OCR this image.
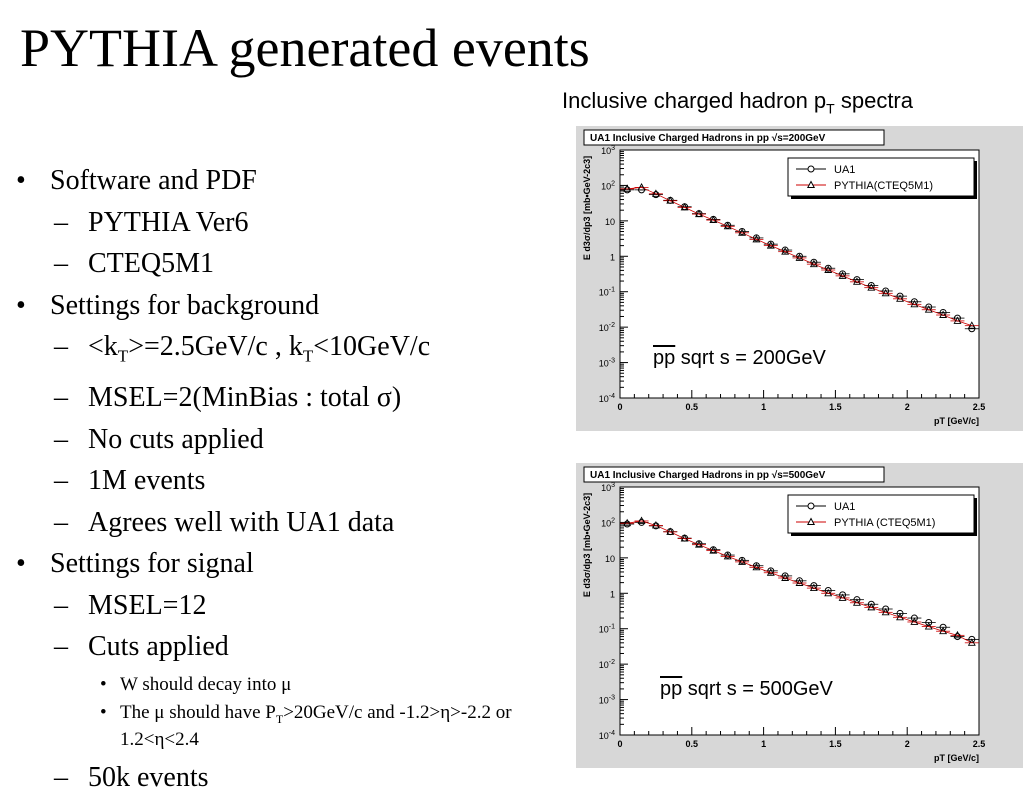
PYTHIA generated events
Inclusive charged hadron $p_T$ spectra
• Software and PDF
– PYTHIA Ver6
– CTEQ5M1
• Settings for background
– $<k_T>=2.5GeV/c$ , $k_T<10GeV/c$
– MSEL=2(MinBias : total σ)
– No cuts applied
– 1M events
– Agrees well with UA1 data
• Settings for signal
– MSEL=12
– Cuts applied
• W should decay into μ
• The μ should have $P_T>20GeV/c$ and -1.2>η>-2.2 or 1.2<η<2.4
– 50k events
UA1 Inclusive Charged Hadrons in pp √s=200GeV
$10^{-4}$
$10^{-3}$
$10^{-2}$
$10^{-1}$
1
10
$10^2$
$10^3$
0	0.5	1	1.5	2	2.5
pT [GeV/c]
E d3σ/dp3 [mb•GeV-2c3]	UA1
PYTHIA(CTEQ5M1)
$\overline{pp}$ sqrt s = 200GeV
UA1 Inclusive Charged Hadrons in pp √s=500GeV
$10^{-4}$
$10^{-3}$
$10^{-2}$
$10^{-1}$
1
10
$10^2$
$10^3$
0	0.5	1	1.5	2	2.5
pT [GeV/c]
E d3σ/dp3 [mb•GeV-2c3]	UA1
PYTHIA (CTEQ5M1)
$\overline{pp}$ sqrt s = 500GeV
